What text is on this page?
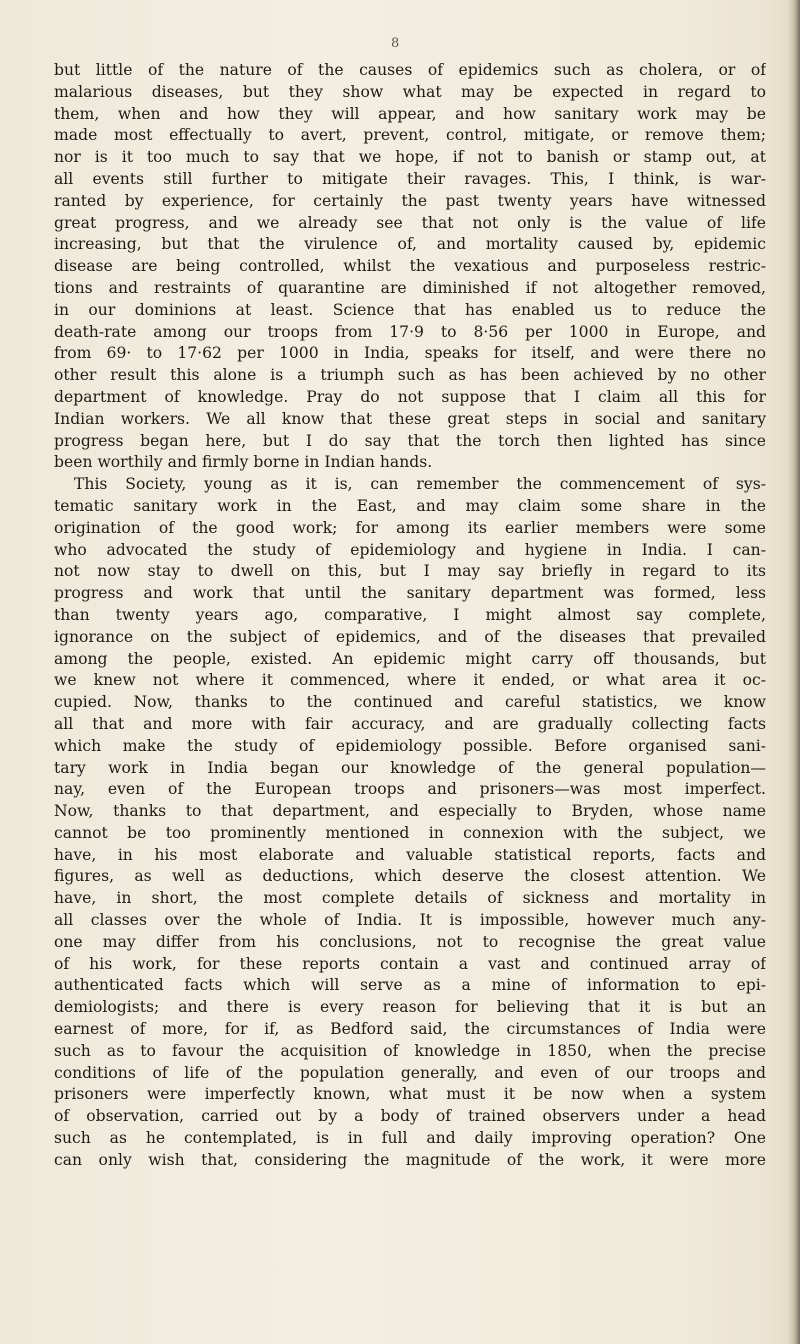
8
but little of the nature of the causes of epidemics such as cholera, or of
malarious diseases, but they show what may be expected in regard to
them, when and how they will appear, and how sanitary work may be
made most effectually to avert, prevent, control, mitigate, or remove them;
nor is it too much to say that we hope, if not to banish or stamp out, at
all events still further to mitigate their ravages. This, I think, is war-
ranted by experience, for certainly the past twenty years have witnessed
great progress, and we already see that not only is the value of life
increasing, but that the virulence of, and mortality caused by, epidemic
disease are being controlled, whilst the vexatious and purposeless restric-
tions and restraints of quarantine are diminished if not altogether removed,
in our dominions at least. Science that has enabled us to reduce the
death-rate among our troops from 17·9 to 8·56 per 1000 in Europe, and
from 69· to 17·62 per 1000 in India, speaks for itself, and were there no
other result this alone is a triumph such as has been achieved by no other
department of knowledge. Pray do not suppose that I claim all this for
Indian workers. We all know that these great steps in social and sanitary
progress began here, but I do say that the torch then lighted has since
been worthily and firmly borne in Indian hands.
This Society, young as it is, can remember the commencement of sys-
tematic sanitary work in the East, and may claim some share in the
origination of the good work; for among its earlier members were some
who advocated the study of epidemiology and hygiene in India. I can-
not now stay to dwell on this, but I may say briefly in regard to its
progress and work that until the sanitary department was formed, less
than twenty years ago, comparative, I might almost say complete,
ignorance on the subject of epidemics, and of the diseases that prevailed
among the people, existed. An epidemic might carry off thousands, but
we knew not where it commenced, where it ended, or what area it oc-
cupied. Now, thanks to the continued and careful statistics, we know
all that and more with fair accuracy, and are gradually collecting facts
which make the study of epidemiology possible. Before organised sani-
tary work in India began our knowledge of the general population—
nay, even of the European troops and prisoners—was most imperfect.
Now, thanks to that department, and especially to Bryden, whose name
cannot be too prominently mentioned in connexion with the subject, we
have, in his most elaborate and valuable statistical reports, facts and
figures, as well as deductions, which deserve the closest attention. We
have, in short, the most complete details of sickness and mortality in
all classes over the whole of India. It is impossible, however much any-
one may differ from his conclusions, not to recognise the great value
of his work, for these reports contain a vast and continued array of
authenticated facts which will serve as a mine of information to epi-
demiologists; and there is every reason for believing that it is but an
earnest of more, for if, as Bedford said, the circumstances of India were
such as to favour the acquisition of knowledge in 1850, when the precise
conditions of life of the population generally, and even of our troops and
prisoners were imperfectly known, what must it be now when a system
of observation, carried out by a body of trained observers under a head
such as he contemplated, is in full and daily improving operation? One
can only wish that, considering the magnitude of the work, it were more
